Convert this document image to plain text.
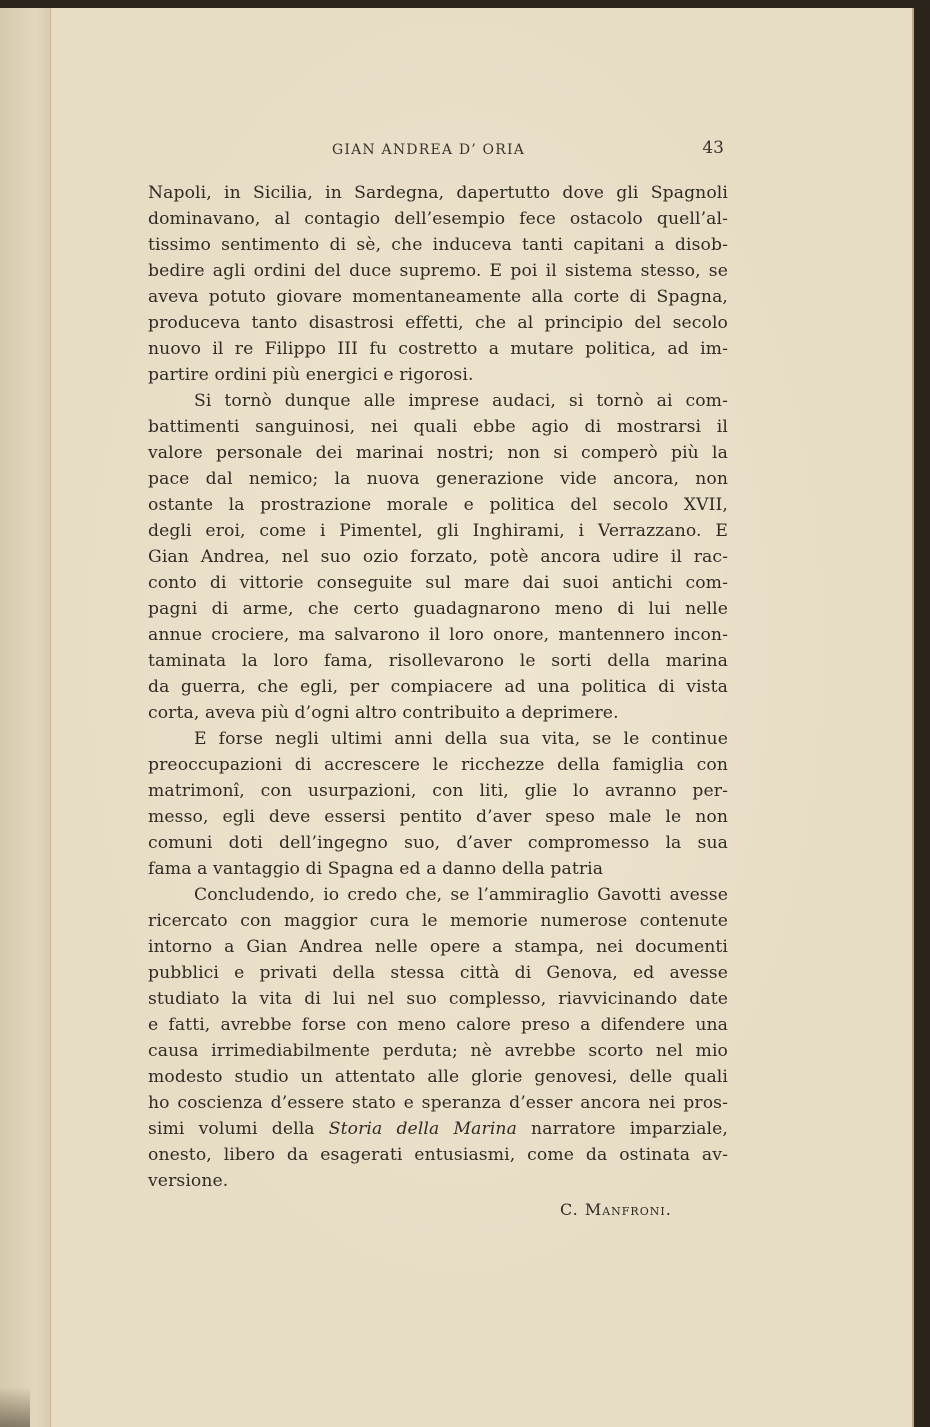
GIAN ANDREA D’ ORIA	43
Napoli, in Sicilia, in Sardegna, dapertutto dove gli Spagnoli
dominavano, al contagio dell’esempio fece ostacolo quell’al-
tissimo sentimento di sè, che induceva tanti capitani a disob-
bedire agli ordini del duce supremo. E poi il sistema stesso, se
aveva potuto giovare momentaneamente alla corte di Spagna,
produceva tanto disastrosi effetti, che al principio del secolo
nuovo il re Filippo III fu costretto a mutare politica, ad im-
partire ordini più energici e rigorosi.
Si tornò dunque alle imprese audaci, si tornò ai com-
battimenti sanguinosi, nei quali ebbe agio di mostrarsi il
valore personale dei marinai nostri; non si comperò più la
pace dal nemico; la nuova generazione vide ancora, non
ostante la prostrazione morale e politica del secolo XVII,
degli eroi, come i Pimentel, gli Inghirami, i Verrazzano. E
Gian Andrea, nel suo ozio forzato, potè ancora udire il rac-
conto di vittorie conseguite sul mare dai suoi antichi com-
pagni di arme, che certo guadagnarono meno di lui nelle
annue crociere, ma salvarono il loro onore, mantennero incon-
taminata la loro fama, risollevarono le sorti della marina
da guerra, che egli, per compiacere ad una politica di vista
corta, aveva più d’ogni altro contribuito a deprimere.
E forse negli ultimi anni della sua vita, se le continue
preoccupazioni di accrescere le ricchezze della famiglia con
matrimonî, con usurpazioni, con liti, glie lo avranno per-
messo, egli deve essersi pentito d’aver speso male le non
comuni doti dell’ingegno suo, d’aver compromesso la sua
fama a vantaggio di Spagna ed a danno della patria
Concludendo, io credo che, se l’ammiraglio Gavotti avesse
ricercato con maggior cura le memorie numerose contenute
intorno a Gian Andrea nelle opere a stampa, nei documenti
pubblici e privati della stessa città di Genova, ed avesse
studiato la vita di lui nel suo complesso, riavvicinando date
e fatti, avrebbe forse con meno calore preso a difendere una
causa irrimediabilmente perduta; nè avrebbe scorto nel mio
modesto studio un attentato alle glorie genovesi, delle quali
ho coscienza d’essere stato e speranza d’esser ancora nei pros-
simi volumi della Storia della Marina narratore imparziale,
onesto, libero da esagerati entusiasmi, come da ostinata av-
versione.
C. Manfroni.
